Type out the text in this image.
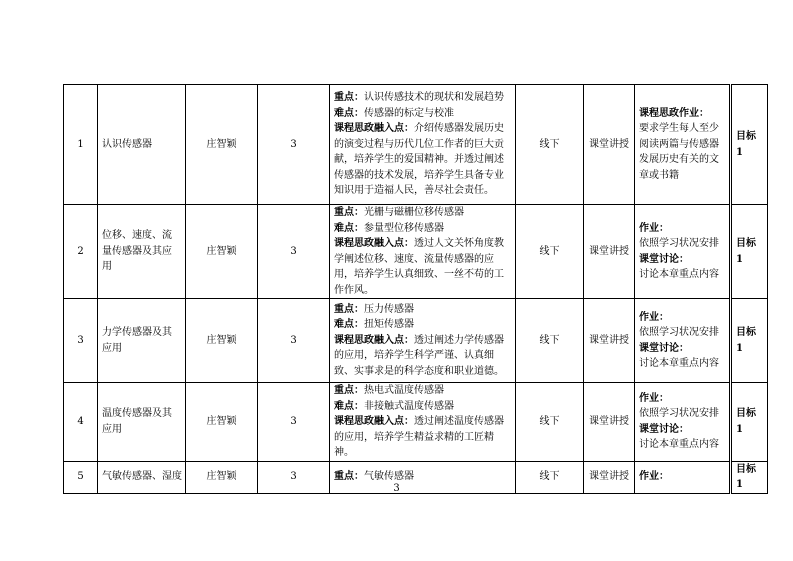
1	认识传感器	庄智颖	3	重点：认识传感技术的现状和发展趋势
难点：传感器的标定与校准
课程思政融入点：介绍传感器发展历史的演变过程与历代几位工作者的巨大贡献，培养学生的爱国精神。并透过阐述传感器的技术发展，培养学生具备专业知识用于造福人民，善尽社会责任。	线下	课堂讲授	课程思政作业：
要求学生每人至少阅读两篇与传感器发展历史有关的文章或书籍	目标 1
2	位移、速度、流量传感器及其应用	庄智颖	3	重点：光栅与磁栅位移传感器
难点：参量型位移传感器
课程思政融入点：透过人文关怀角度教学阐述位移、速度、流量传感器的应用，培养学生认真细致、一丝不苟的工作作风。	线下	课堂讲授	作业：
依照学习状况安排
课堂讨论：
讨论本章重点内容	目标 1
3	力学传感器及其应用	庄智颖	3	重点：压力传感器
难点：扭矩传感器
课程思政融入点：透过阐述力学传感器的应用，培养学生科学严谨、认真细致、实事求是的科学态度和职业道德。	线下	课堂讲授	作业：
依照学习状况安排
课堂讨论：
讨论本章重点内容	目标 1
4	温度传感器及其应用	庄智颖	3	重点：热电式温度传感器
难点：非接触式温度传感器
课程思政融入点：透过阐述温度传感器的应用，培养学生精益求精的工匠精神。	线下	课堂讲授	作业：
依照学习状况安排
课堂讨论：
讨论本章重点内容	目标 1
5	气敏传感器、湿度	庄智颖	3	重点：气敏传感器	线下	课堂讲授	作业：	目标 1
3
